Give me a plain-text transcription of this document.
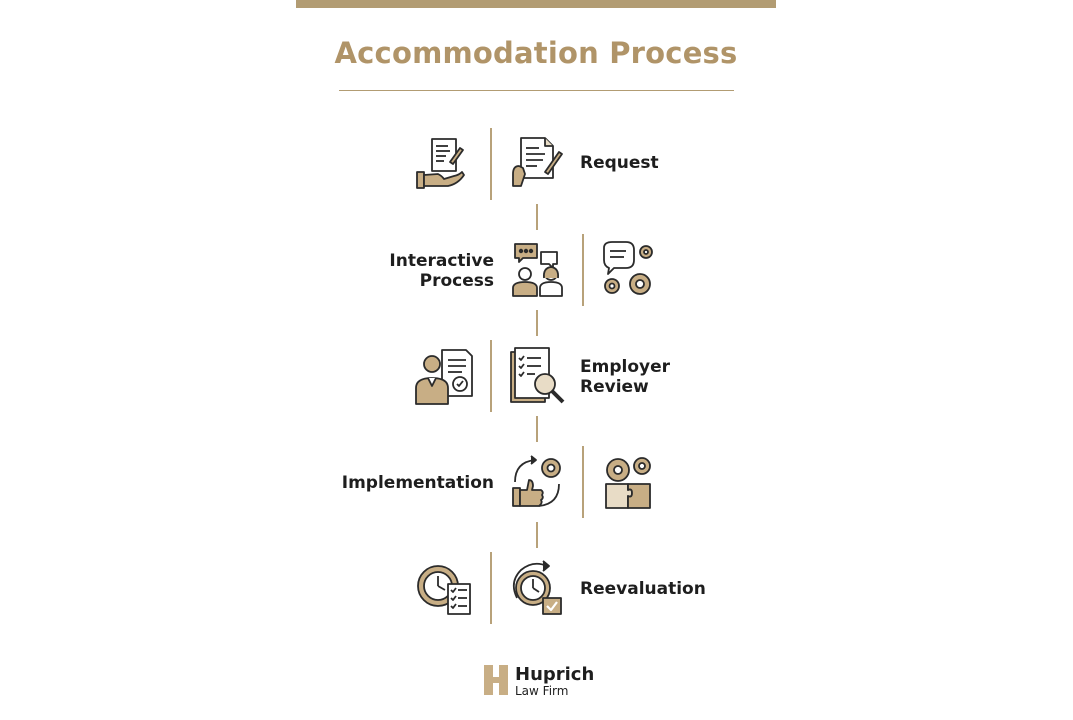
Accommodation Process
Request
Interactive
Process
Employer
Review
Implementation
Reevaluation
Huprich
Law Firm
